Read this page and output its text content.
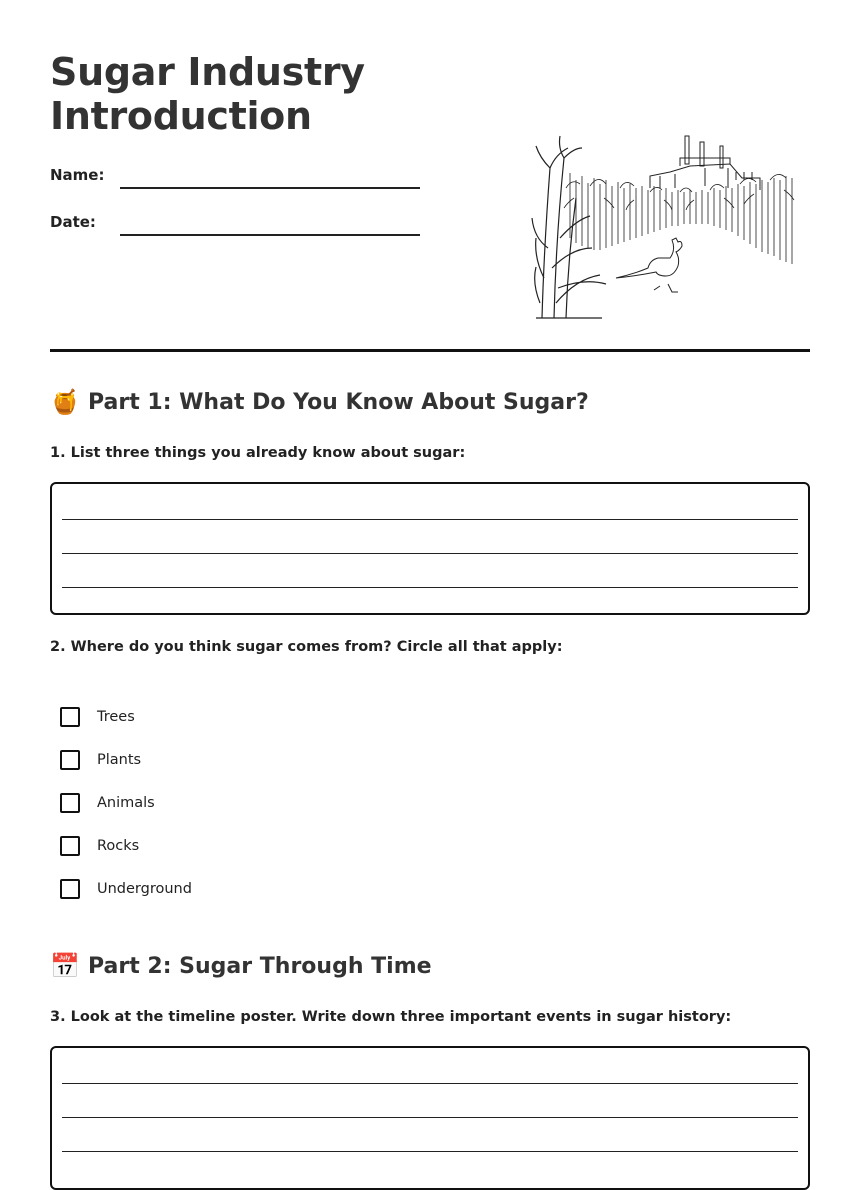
Sugar Industry
Introduction
Name:
Date:
🍯 Part 1: What Do You Know About Sugar?

1. List three things you already know about sugar:

2. Where do you think sugar comes from? Circle all that apply:

Trees
Plants
Animals
Rocks
Underground
📅 Part 2: Sugar Through Time

3. Look at the timeline poster. Write down three important events in sugar history:
